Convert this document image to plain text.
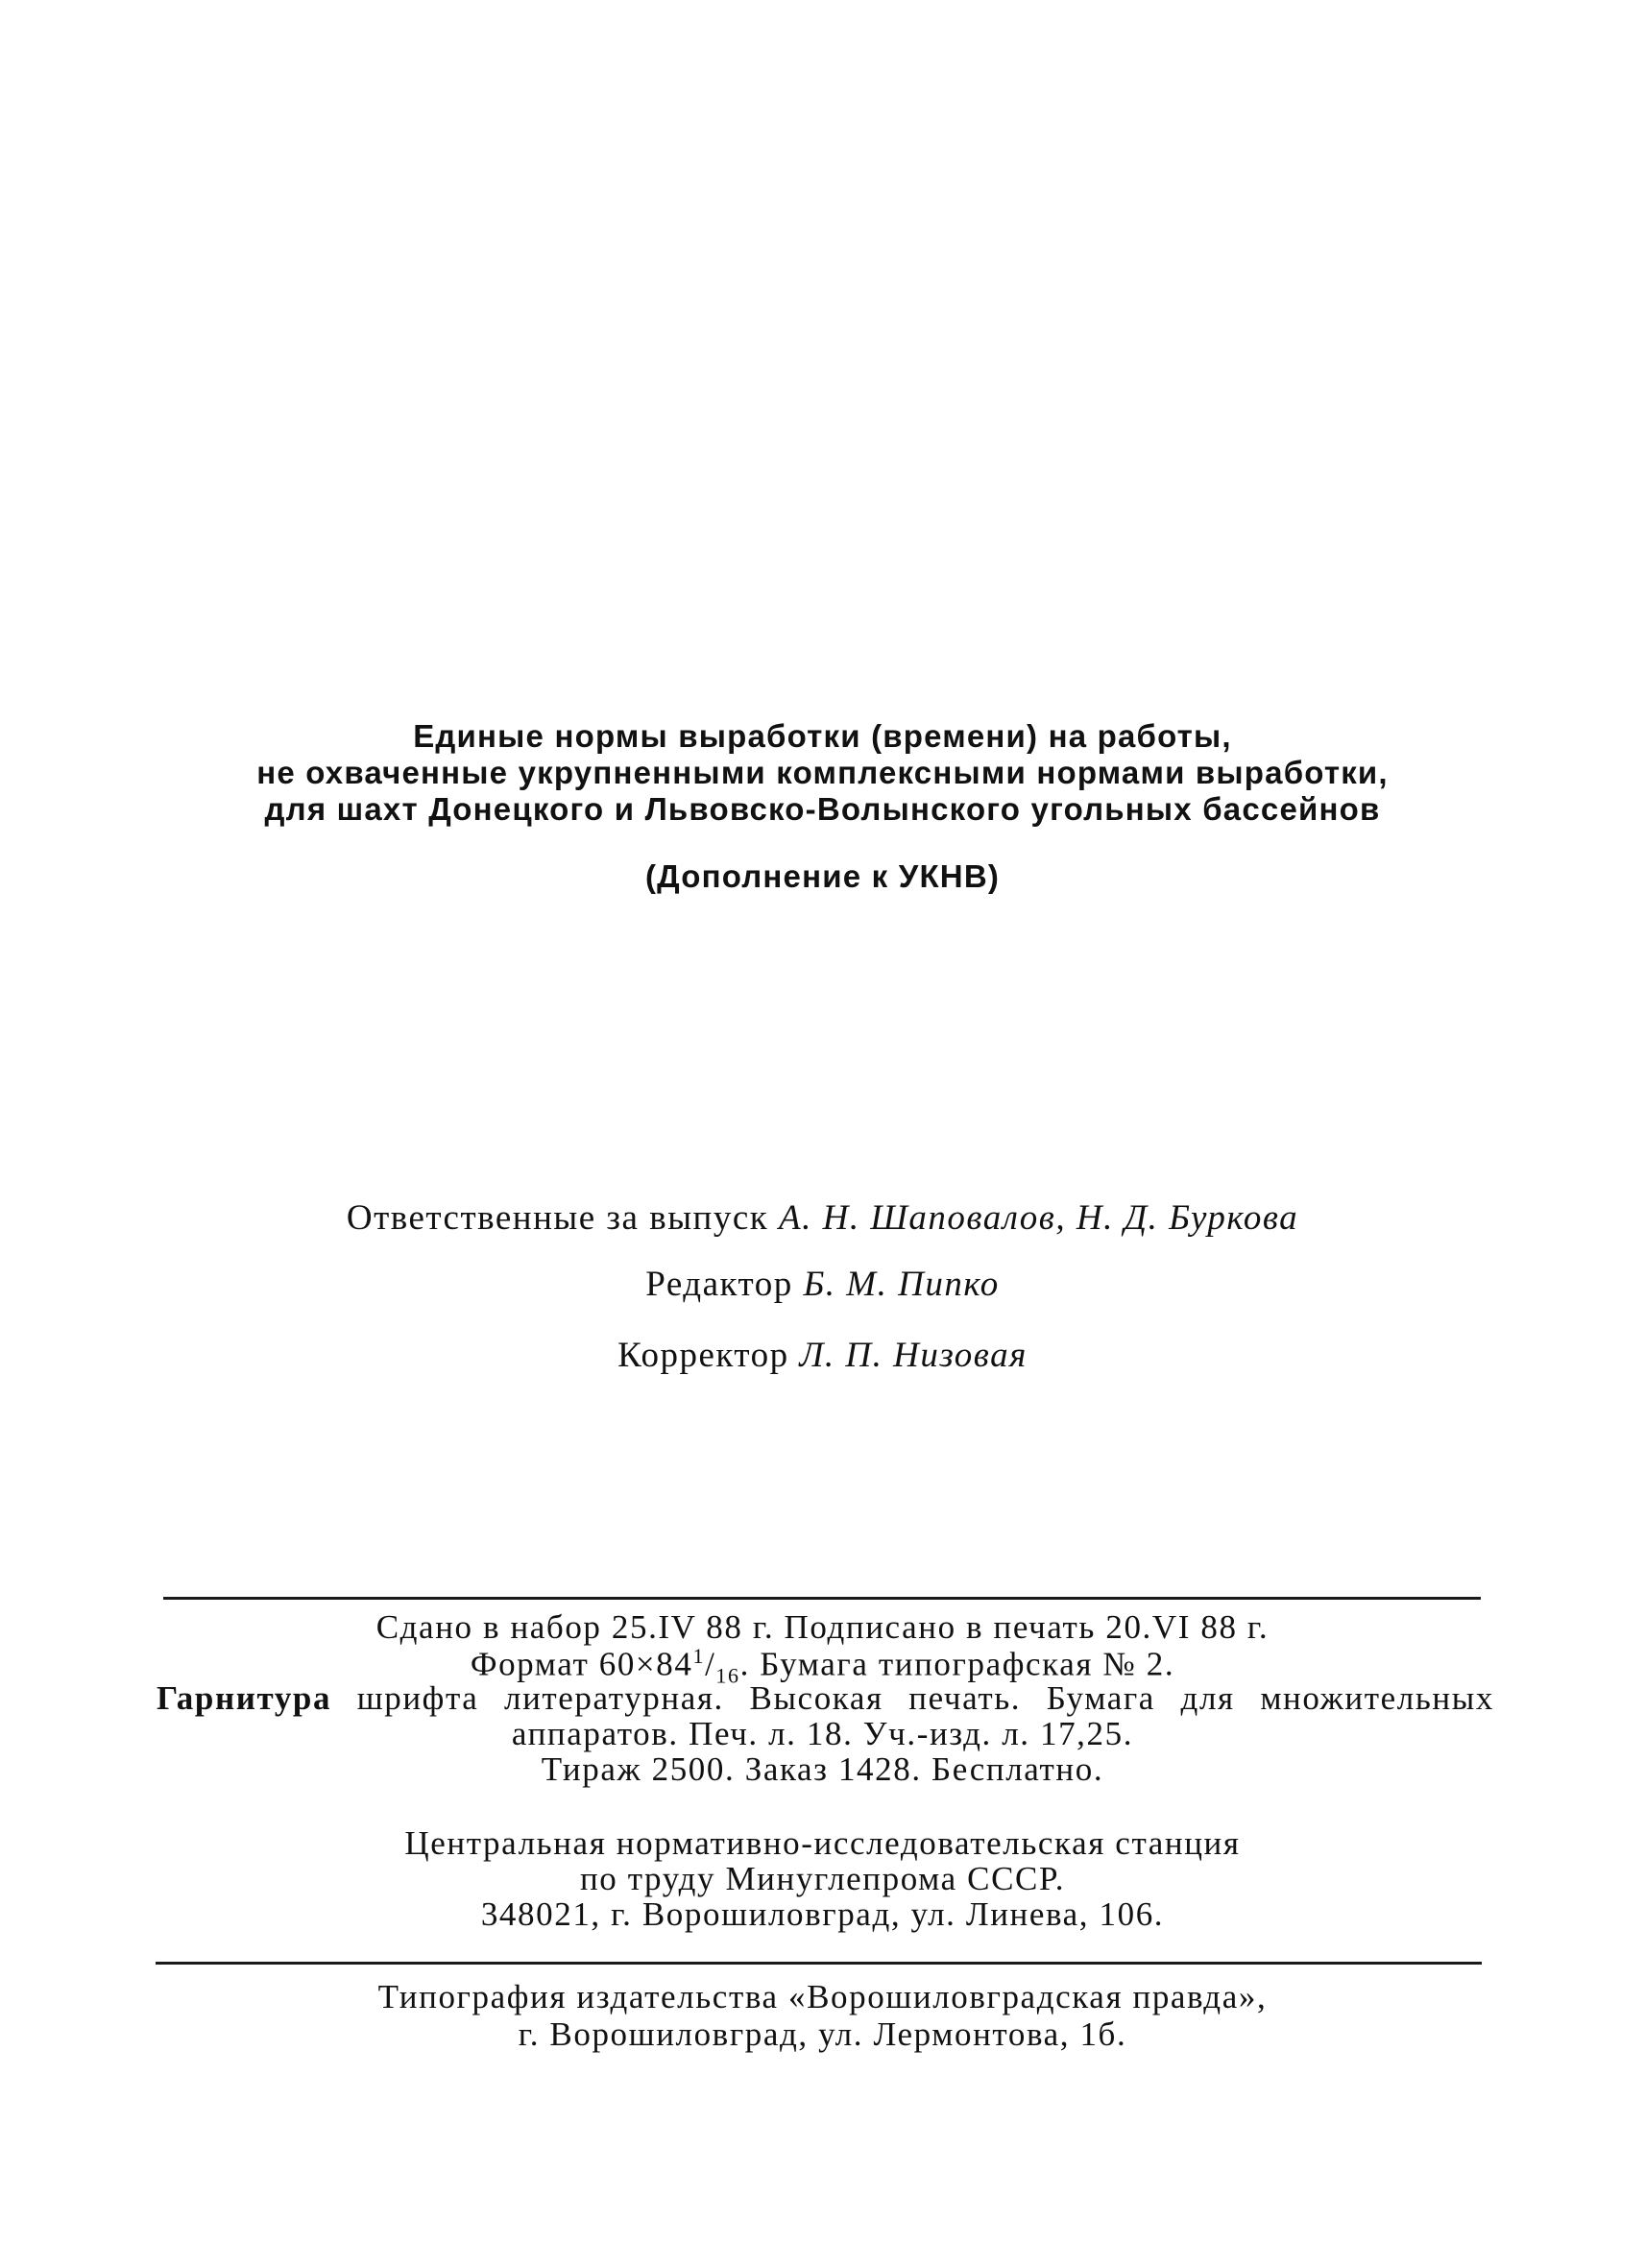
Единые нормы выработки (времени) на работы,
не охваченные укрупненными комплексными нормами выработки,
для шахт Донецкого и Львовско-Волынского угольных бассейнов
(Дополнение к УКНВ)
Ответственные за выпуск А. Н. Шаповалов, Н. Д. Буркова
Редактор Б. М. Пипко
Корректор Л. П. Низовая
Сдано в набор 25.IV 88 г. Подписано в печать 20.VI 88 г.
Формат $60\times 84^1/_{16}$. Бумага типографская № 2.
Гарнитура шрифта литературная. Высокая печать. Бумага для множительных
аппаратов. Печ. л. 18. Уч.-изд. л. 17,25.
Тираж 2500. Заказ 1428. Бесплатно.
Центральная нормативно-исследовательская станция
по труду Минуглепрома СССР.
348021, г. Ворошиловград, ул. Линева, 106.
Типография издательства «Ворошиловградская правда»,
г. Ворошиловград, ул. Лермонтова, 1б.
